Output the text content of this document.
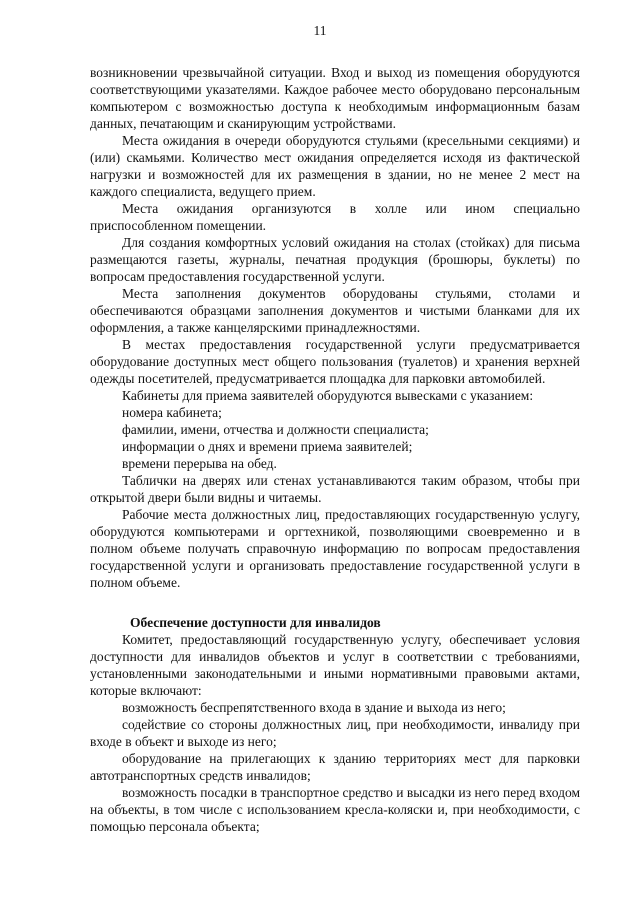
11

возникновении чрезвычайной ситуации. Вход и выход из помещения оборудуются соответствующими указателями. Каждое рабочее место оборудовано персональным компьютером с возможностью доступа к необходимым информационным базам данных, печатающим и сканирующим устройствами.

Места ожидания в очереди оборудуются стульями (кресельными секциями) и (или) скамьями. Количество мест ожидания определяется исходя из фактической нагрузки и возможностей для их размещения в здании, но не менее 2 мест на каждого специалиста, ведущего прием.

Места ожидания организуются в холле или ином специально приспособленном помещении.

Для создания комфортных условий ожидания на столах (стойках) для письма размещаются газеты, журналы, печатная продукция (брошюры, буклеты) по вопросам предоставления государственной услуги.

Места заполнения документов оборудованы стульями, столами и обеспечиваются образцами заполнения документов и чистыми бланками для их оформления, а также канцелярскими принадлежностями.

В местах предоставления государственной услуги предусматривается оборудование доступных мест общего пользования (туалетов) и хранения верхней одежды посетителей, предусматривается площадка для парковки автомобилей.

Кабинеты для приема заявителей оборудуются вывесками с указанием:

номера кабинета;

фамилии, имени, отчества и должности специалиста;

информации о днях и времени приема заявителей;

времени перерыва на обед.

Таблички на дверях или стенах устанавливаются таким образом, чтобы при открытой двери были видны и читаемы.

Рабочие места должностных лиц, предоставляющих государственную услугу, оборудуются компьютерами и оргтехникой, позволяющими своевременно и в полном объеме получать справочную информацию по вопросам предоставления государственной услуги и организовать предоставление государственной услуги в полном объеме.

Обеспечение доступности для инвалидов

Комитет, предоставляющий государственную услугу, обеспечивает условия доступности для инвалидов объектов и услуг в соответствии с требованиями, установленными законодательными и иными нормативными правовыми актами, которые включают:

возможность беспрепятственного входа в здание и выхода из него;

содействие со стороны должностных лиц, при необходимости, инвалиду при входе в объект и выходе из него;

оборудование на прилегающих к зданию территориях мест для парковки автотранспортных средств инвалидов;

возможность посадки в транспортное средство и высадки из него перед входом на объекты, в том числе с использованием кресла-коляски и, при необходимости, с помощью персонала объекта;
